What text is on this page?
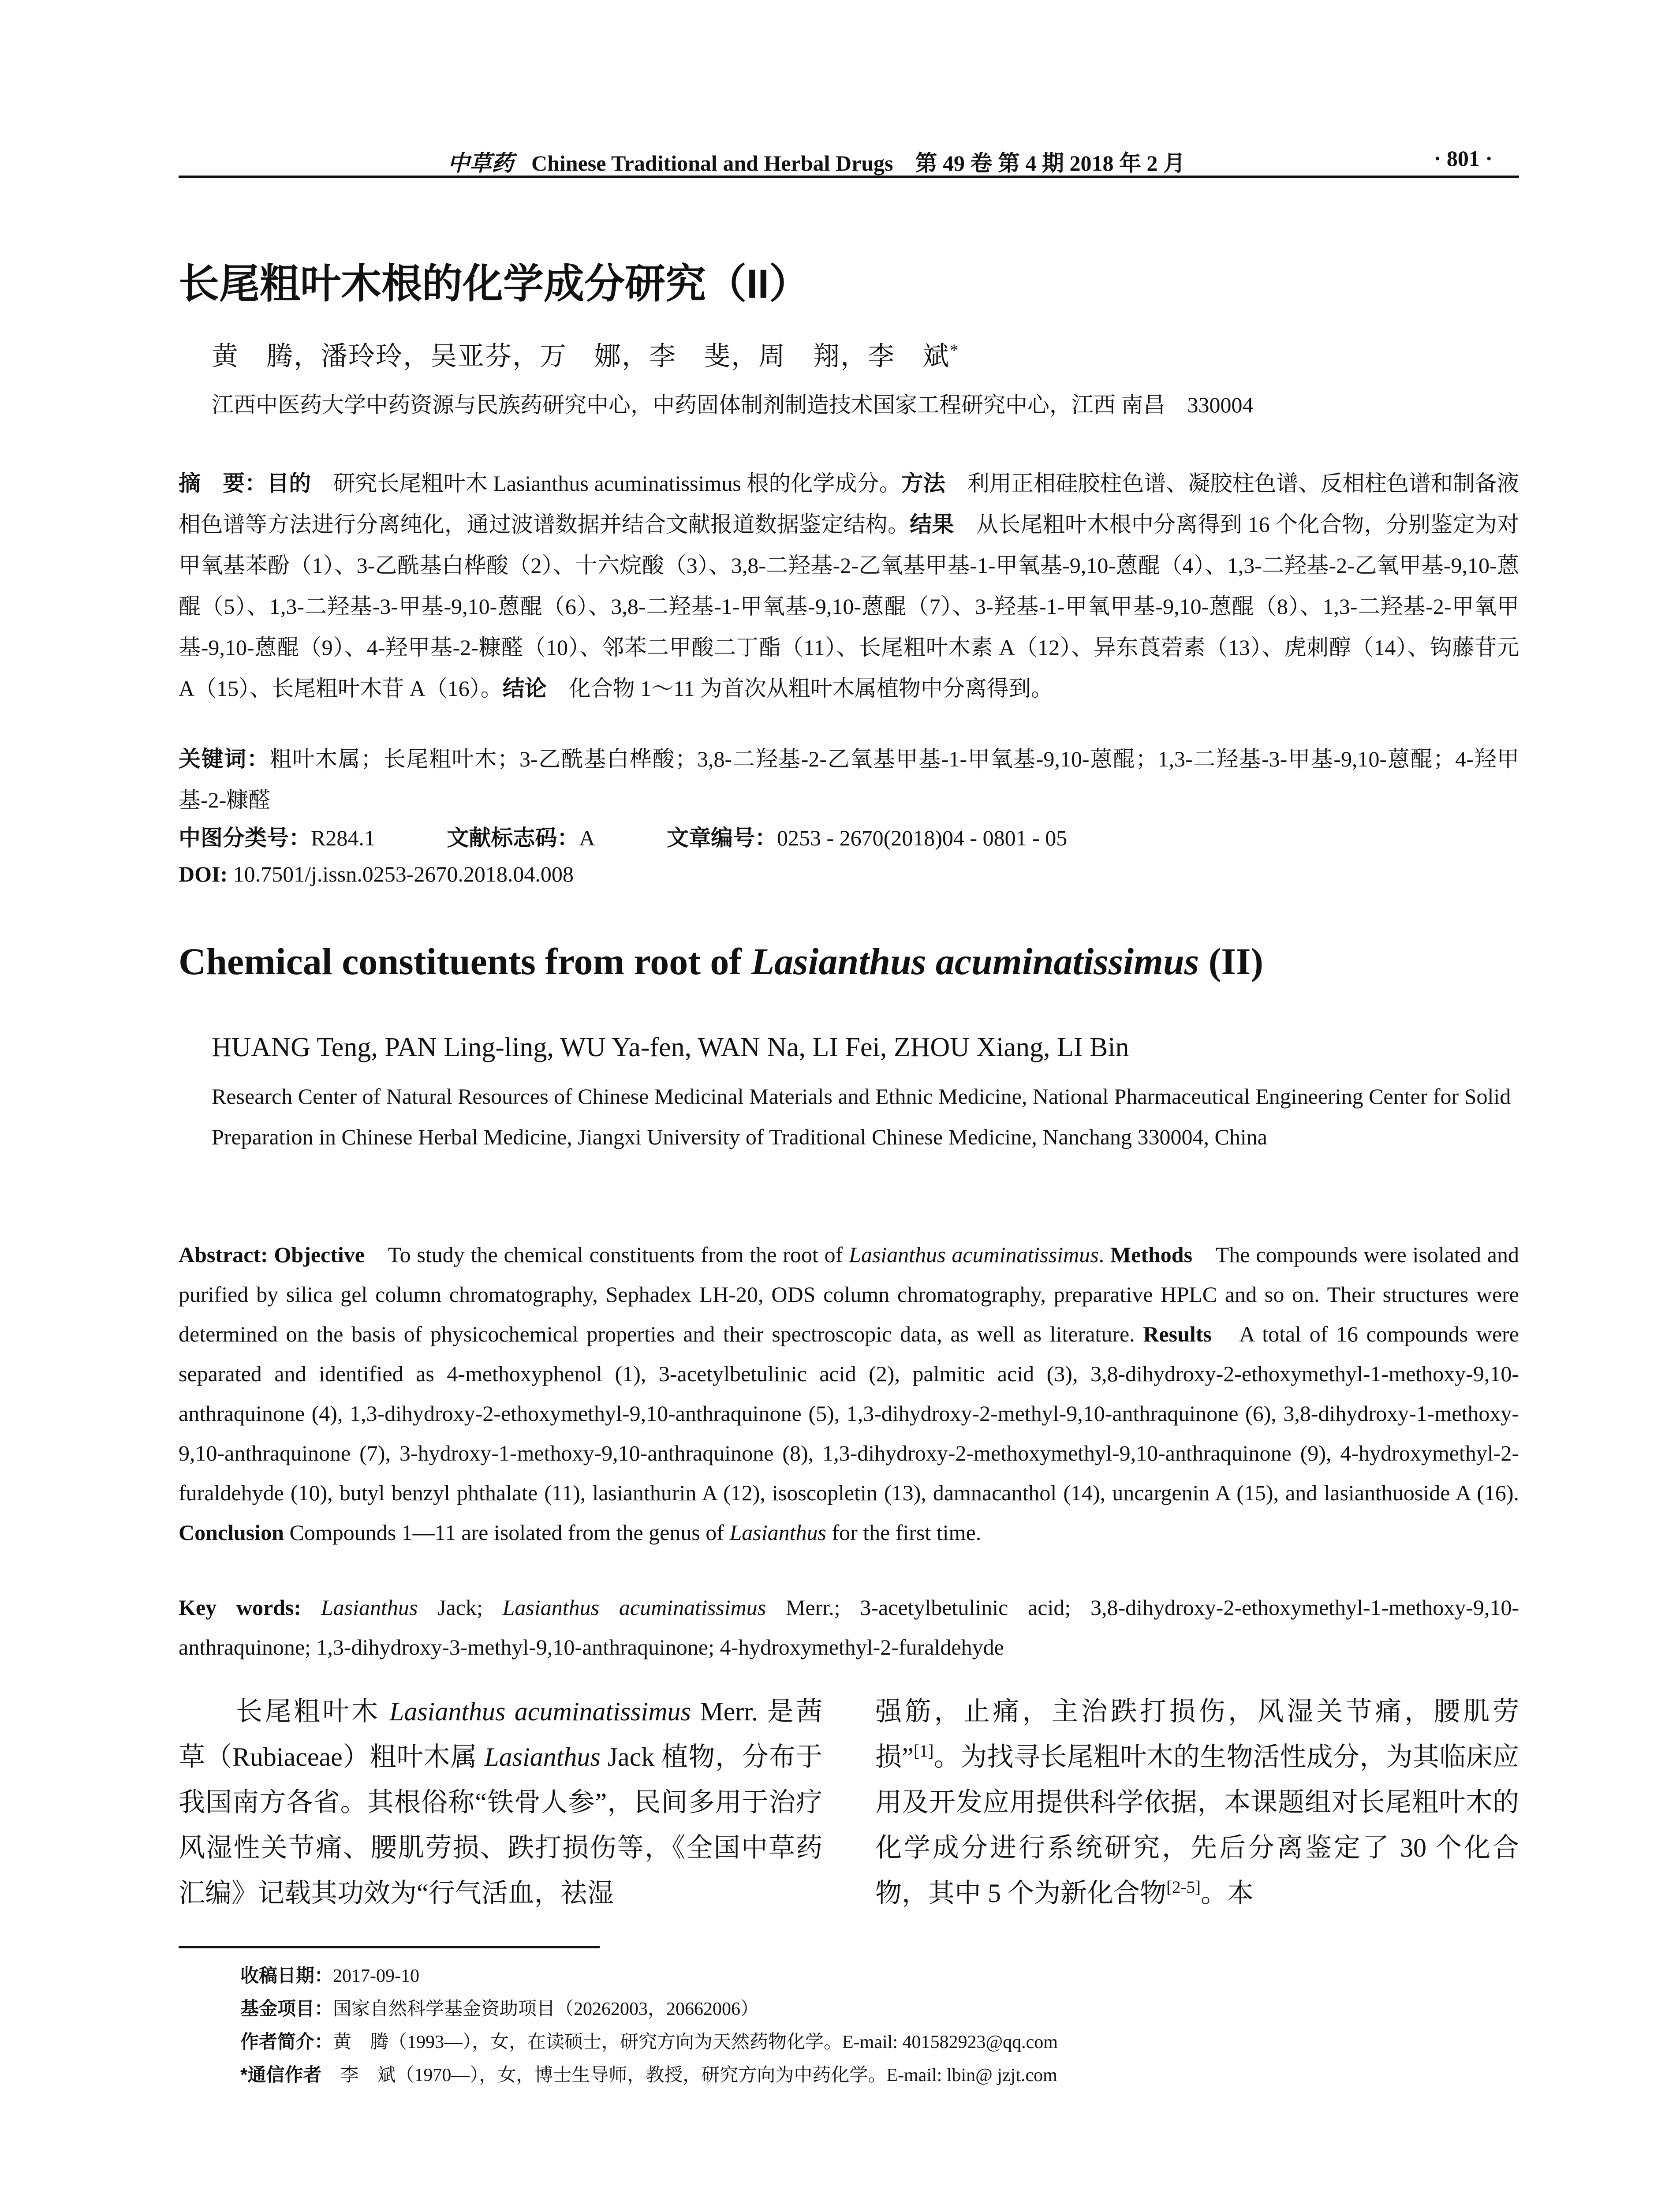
中草药 Chinese Traditional and Herbal Drugs　第 49 卷 第 4 期 2018 年 2 月	· 801 ·
长尾粗叶木根的化学成分研究（II）
黄　腾，潘玲玲，吴亚芬，万　娜，李　斐，周　翔，李　斌*
江西中医药大学中药资源与民族药研究中心，中药固体制剂制造技术国家工程研究中心，江西 南昌　330004
摘　要：目的　研究长尾粗叶木 Lasianthus acuminatissimus 根的化学成分。方法　利用正相硅胶柱色谱、凝胶柱色谱、反相柱色谱和制备液相色谱等方法进行分离纯化，通过波谱数据并结合文献报道数据鉴定结构。结果　从长尾粗叶木根中分离得到 16 个化合物，分别鉴定为对甲氧基苯酚（1）、3-乙酰基白桦酸（2）、十六烷酸（3）、3,8-二羟基-2-乙氧基甲基-1-甲氧基-9,10-蒽醌（4）、1,3-二羟基-2-乙氧甲基-9,10-蒽醌（5）、1,3-二羟基-3-甲基-9,10-蒽醌（6）、3,8-二羟基-1-甲氧基-9,10-蒽醌（7）、3-羟基-1-甲氧甲基-9,10-蒽醌（8）、1,3-二羟基-2-甲氧甲基-9,10-蒽醌（9）、4-羟甲基-2-糠醛（10）、邻苯二甲酸二丁酯（11）、长尾粗叶木素 A（12）、异东莨菪素（13）、虎刺醇（14）、钩藤苷元 A（15）、长尾粗叶木苷 A（16）。结论　化合物 1～11 为首次从粗叶木属植物中分离得到。
关键词：粗叶木属；长尾粗叶木；3-乙酰基白桦酸；3,8-二羟基-2-乙氧基甲基-1-甲氧基-9,10-蒽醌；1,3-二羟基-3-甲基-9,10-蒽醌；4-羟甲基-2-糠醛
中图分类号：R284.1	文献标志码：A	文章编号：0253 - 2670(2018)04 - 0801 - 05
DOI: 10.7501/j.issn.0253-2670.2018.04.008
Chemical constituents from root of Lasianthus acuminatissimus (II)
HUANG Teng, PAN Ling-ling, WU Ya-fen, WAN Na, LI Fei, ZHOU Xiang, LI Bin
Research Center of Natural Resources of Chinese Medicinal Materials and Ethnic Medicine, National Pharmaceutical Engineering Center for Solid Preparation in Chinese Herbal Medicine, Jiangxi University of Traditional Chinese Medicine, Nanchang 330004, China
Abstract: Objective　To study the chemical constituents from the root of Lasianthus acuminatissimus. Methods　The compounds were isolated and purified by silica gel column chromatography, Sephadex LH-20, ODS column chromatography, preparative HPLC and so on. Their structures were determined on the basis of physicochemical properties and their spectroscopic data, as well as literature. Results　A total of 16 compounds were separated and identified as 4-methoxyphenol (1), 3-acetylbetulinic acid (2), palmitic acid (3), 3,8-dihydroxy-2-ethoxymethyl-1-methoxy-9,10-anthraquinone (4), 1,3-dihydroxy-2-ethoxymethyl-9,10-anthraquinone (5), 1,3-dihydroxy-2-methyl-9,10-anthraquinone (6), 3,8-dihydroxy-1-methoxy-9,10-anthraquinone (7), 3-hydroxy-1-methoxy-9,10-anthraquinone (8), 1,3-dihydroxy-2-methoxymethyl-9,10-anthraquinone (9), 4-hydroxymethyl-2-furaldehyde (10), butyl benzyl phthalate (11), lasianthurin A (12), isoscopletin (13), damnacanthol (14), uncargenin A (15), and lasianthuoside A (16). Conclusion Compounds 1—11 are isolated from the genus of Lasianthus for the first time.
Key words: Lasianthus Jack; Lasianthus acuminatissimus Merr.; 3-acetylbetulinic acid; 3,8-dihydroxy-2-ethoxymethyl-1-methoxy-9,10-anthraquinone; 1,3-dihydroxy-3-methyl-9,10-anthraquinone; 4-hydroxymethyl-2-furaldehyde
长尾粗叶木 Lasianthus acuminatissimus Merr. 是茜草（Rubiaceae）粗叶木属 Lasianthus Jack 植物，分布于我国南方各省。其根俗称“铁骨人参”，民间多用于治疗风湿性关节痛、腰肌劳损、跌打损伤等，《全国中草药汇编》记载其功效为“行气活血，祛湿
强筋，止痛，主治跌打损伤，风湿关节痛，腰肌劳损”[1]。为找寻长尾粗叶木的生物活性成分，为其临床应用及开发应用提供科学依据，本课题组对长尾粗叶木的化学成分进行系统研究，先后分离鉴定了 30 个化合物，其中 5 个为新化合物[2-5]。本
收稿日期：2017-09-10
基金项目：国家自然科学基金资助项目（20262003，20662006）
作者简介：黄　腾（1993—），女，在读硕士，研究方向为天然药物化学。E-mail: 401582923@qq.com
*通信作者　李　斌（1970—），女，博士生导师，教授，研究方向为中药化学。E-mail: lbin@ jzjt.com
